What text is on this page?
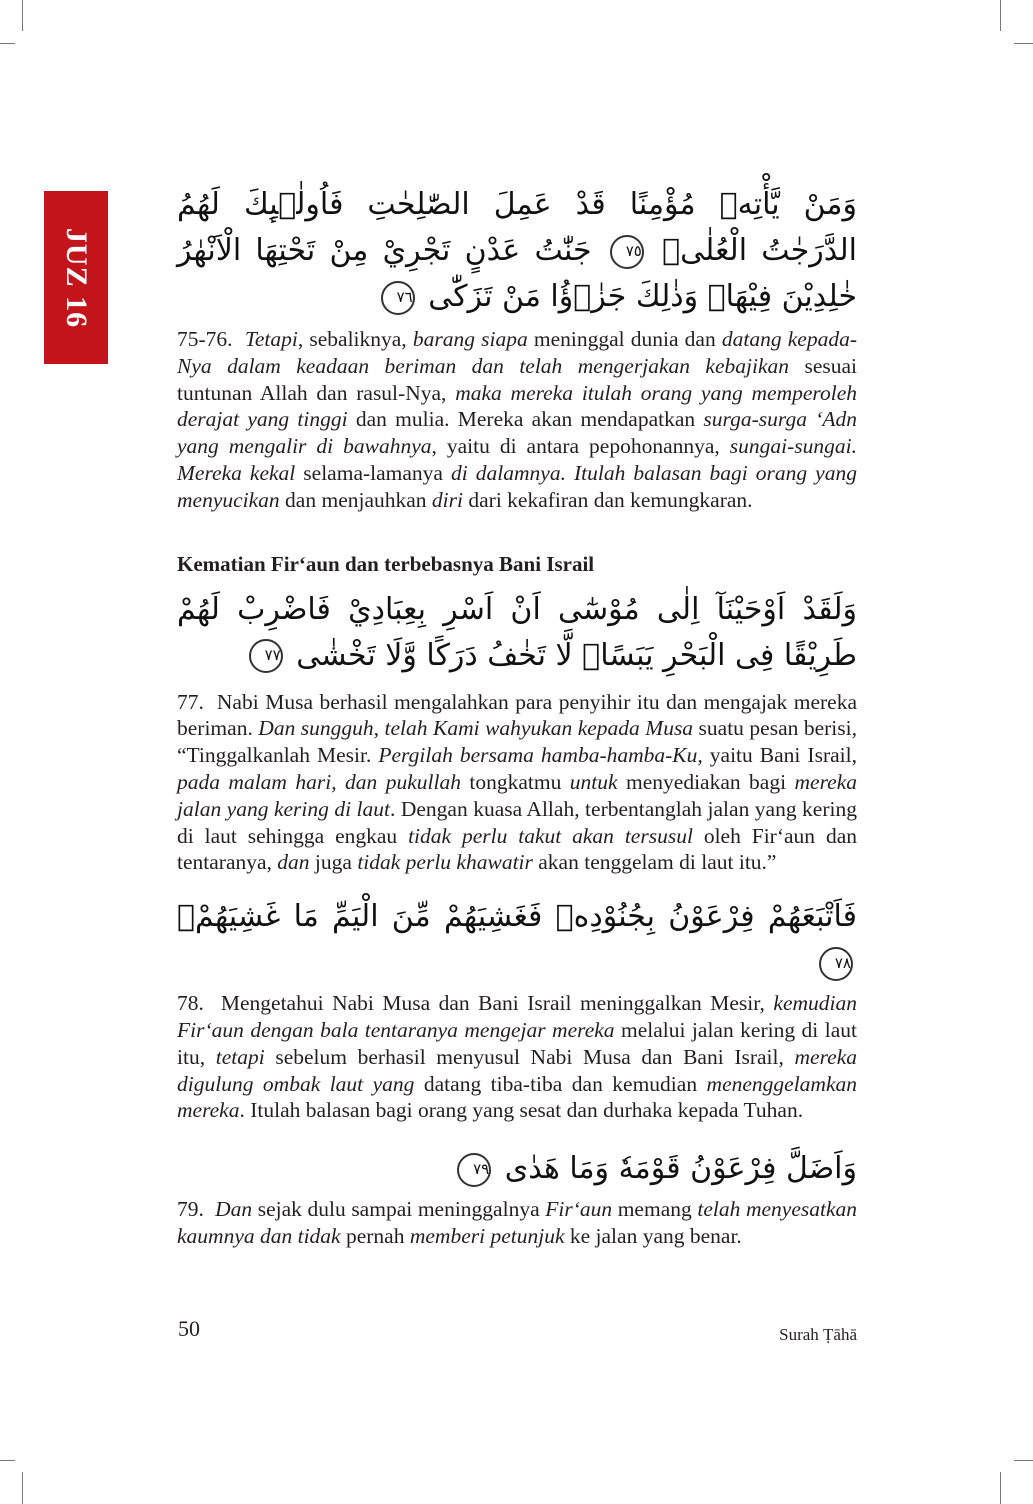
JUZ 16
وَمَنْ يَّأْتِهٖ مُؤْمِنًا قَدْ عَمِلَ الصّٰلِحٰتِ فَاُولٰۤىِٕكَ لَهُمُ الدَّرَجٰتُ الْعُلٰىۙ ٧٥ جَنّٰتُ عَدْنٍ تَجْرِيْ مِنْ تَحْتِهَا الْاَنْهٰرُ خٰلِدِيْنَ فِيْهَاۗ وَذٰلِكَ جَزٰۤؤُا مَنْ تَزَكّٰى ٧٦

75-76. Tetapi, sebaliknya, barang siapa meninggal dunia dan datang kepada-Nya dalam keadaan beriman dan telah mengerjakan kebajikan sesuai tuntunan Allah dan rasul-Nya, maka mereka itulah orang yang memperoleh derajat yang tinggi dan mulia. Mereka akan mendapatkan surga-surga ‘Adn yang mengalir di bawahnya, yaitu di antara pepohonannya, sungai-sungai. Mereka kekal selama-lamanya di dalamnya. Itulah balasan bagi orang yang menyucikan dan menjauhkan diri dari kekafiran dan kemungkaran.

Kematian Fir‘aun dan terbebasnya Bani Israil

وَلَقَدْ اَوْحَيْنَآ اِلٰى مُوْسٰٓى اَنْ اَسْرِ بِعِبَادِيْ فَاضْرِبْ لَهُمْ طَرِيْقًا فِى الْبَحْرِ يَبَسًاۙ لَّا تَخٰفُ دَرَكًا وَّلَا تَخْشٰى ٧٧

77. Nabi Musa berhasil mengalahkan para penyihir itu dan mengajak mereka beriman. Dan sungguh, telah Kami wahyukan kepada Musa suatu pesan berisi, “Tinggalkanlah Mesir. Pergilah bersama hamba-hamba-Ku, yaitu Bani Israil, pada malam hari, dan pukullah tongkatmu untuk menyediakan bagi mereka jalan yang kering di laut. Dengan kuasa Allah, terbentanglah jalan yang kering di laut sehingga engkau tidak perlu takut akan tersusul oleh Fir‘aun dan tentaranya, dan juga tidak perlu khawatir akan tenggelam di laut itu.”

فَاَتْبَعَهُمْ فِرْعَوْنُ بِجُنُوْدِهٖ فَغَشِيَهُمْ مِّنَ الْيَمِّ مَا غَشِيَهُمْۗ ٧٨

78. Mengetahui Nabi Musa dan Bani Israil meninggalkan Mesir, kemudian Fir‘aun dengan bala tentaranya mengejar mereka melalui jalan kering di laut itu, tetapi sebelum berhasil menyusul Nabi Musa dan Bani Israil, mereka digulung ombak laut yang datang tiba-tiba dan kemudian menenggelamkan mereka. Itulah balasan bagi orang yang sesat dan durhaka kepada Tuhan.

وَاَضَلَّ فِرْعَوْنُ قَوْمَهٗ وَمَا هَدٰى ٧٩

79. Dan sejak dulu sampai meninggalnya Fir‘aun memang telah menyesatkan kaumnya dan tidak pernah memberi petunjuk ke jalan yang benar.

50	Surah Ṭāhā
